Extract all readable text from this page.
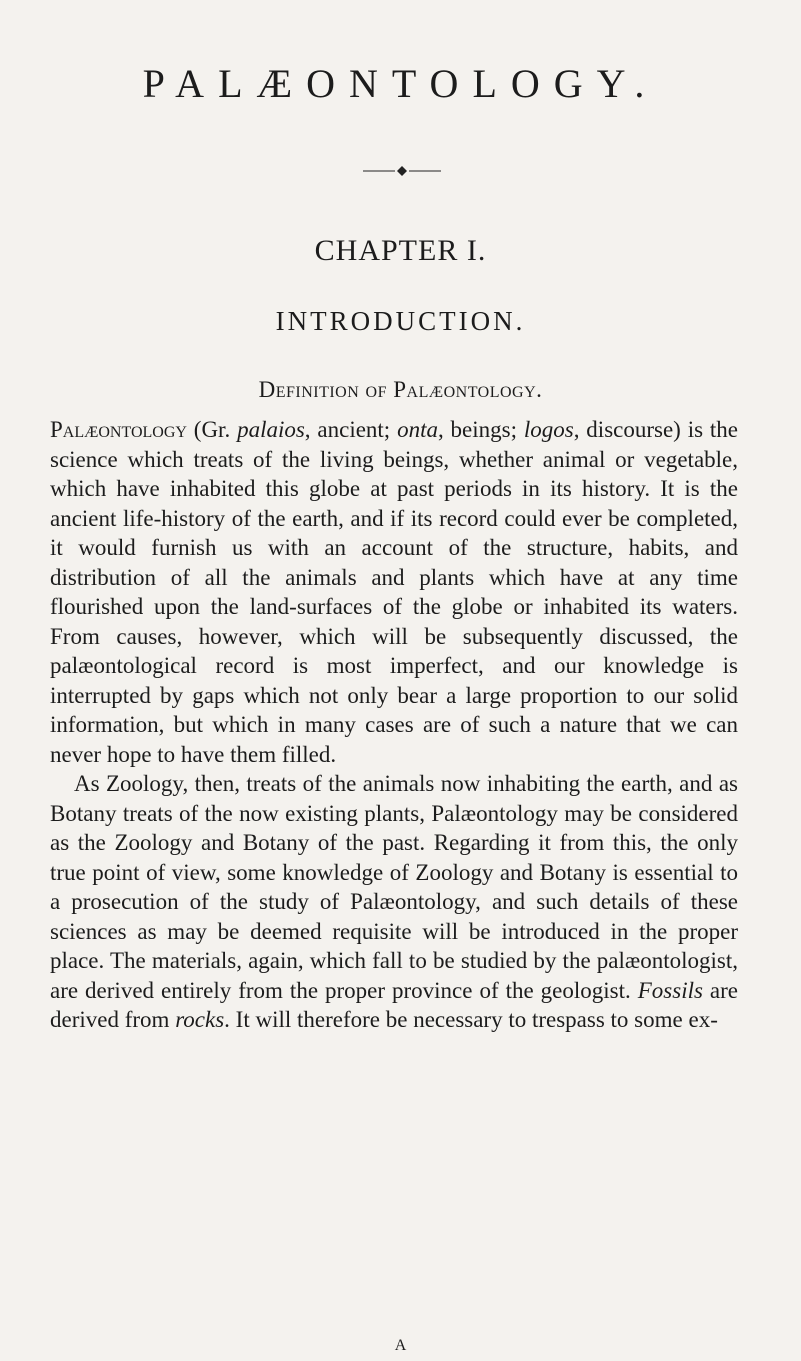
PALÆONTOLOGY.
CHAPTER I.
INTRODUCTION.
Definition of Palæontology.

Palæontology (Gr. palaios, ancient; onta, beings; logos, discourse) is the science which treats of the living beings, whether animal or vegetable, which have inhabited this globe at past periods in its history. It is the ancient life-history of the earth, and if its record could ever be completed, it would furnish us with an account of the structure, habits, and distribution of all the animals and plants which have at any time flourished upon the land-surfaces of the globe or inhabited its waters. From causes, however, which will be subsequently discussed, the palæontological record is most imperfect, and our knowledge is interrupted by gaps which not only bear a large proportion to our solid information, but which in many cases are of such a nature that we can never hope to have them filled.

As Zoology, then, treats of the animals now inhabiting the earth, and as Botany treats of the now existing plants, Palæontology may be considered as the Zoology and Botany of the past. Regarding it from this, the only true point of view, some knowledge of Zoology and Botany is essential to a prosecution of the study of Palæontology, and such details of these sciences as may be deemed requisite will be introduced in the proper place. The materials, again, which fall to be studied by the palæontologist, are derived entirely from the proper province of the geologist. Fossils are derived from rocks. It will therefore be necessary to trespass to some ex-

A
